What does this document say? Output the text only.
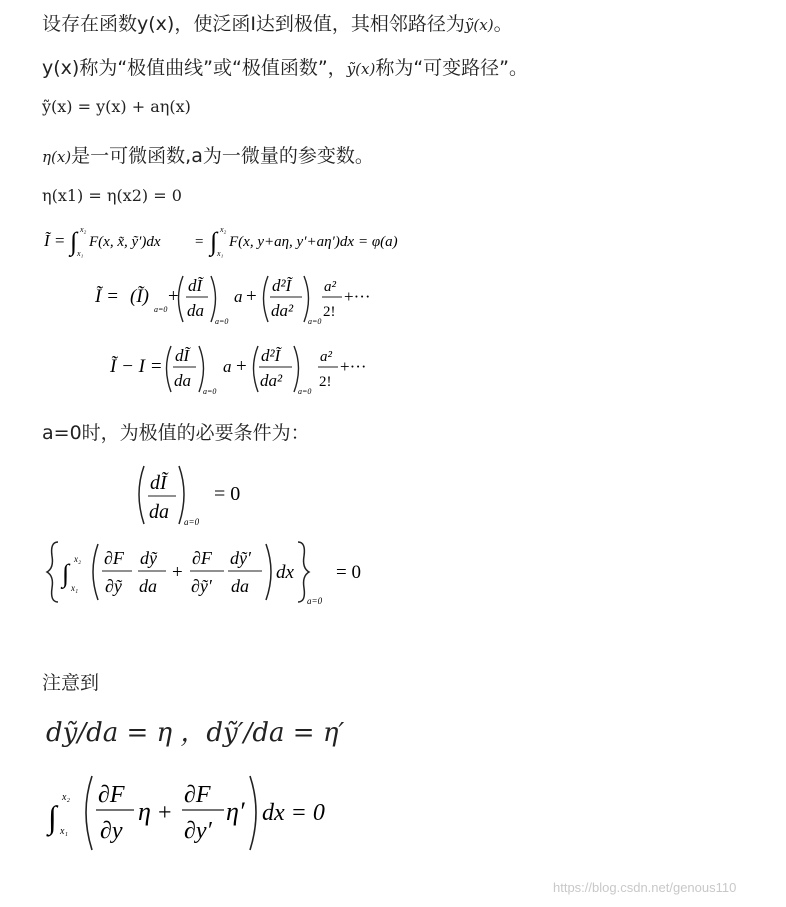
设存在函数y(x)，使泛函I达到极值，其相邻路径为ỹ(x)。
y(x)称为“极值曲线”或“极值函数”，ỹ(x)称为“可变路径”。
ỹ(x) = y(x) + aη(x)
η(x)是一可微函数,a为一微量的参变数。
η(x1) = η(x2) = 0
Ĩ = ∫ x₂
x₁
F(x, x̃, ỹ′)dx = ∫ x₂
x₁
F(x, y+aη, y′+aη′)dx = φ(a)
Ĩ = (Ĩ)
a=0
+
dĨ
da
a=0
a +
d²Ĩ
da²
a=0
a²
2!
+···
Ĩ − I =
dĨ
da
a=0
a +
d²Ĩ
da²
a=0
a²
2!
+···
a=0时，为极值的必要条件为：
dĨ
da a=0
= 0
∫ x₂
x₁
∂F
∂ỹ
dỹ
da
+
∂F
∂ỹ′
dỹ′
da
dx
a=0
= 0
注意到
dỹ/da = η ，dỹ′/da = η′
∫
x₂
x₁
∂F
∂y
η +
∂F
∂y′
η′ dx = 0
https://blog.csdn.net/genous110
